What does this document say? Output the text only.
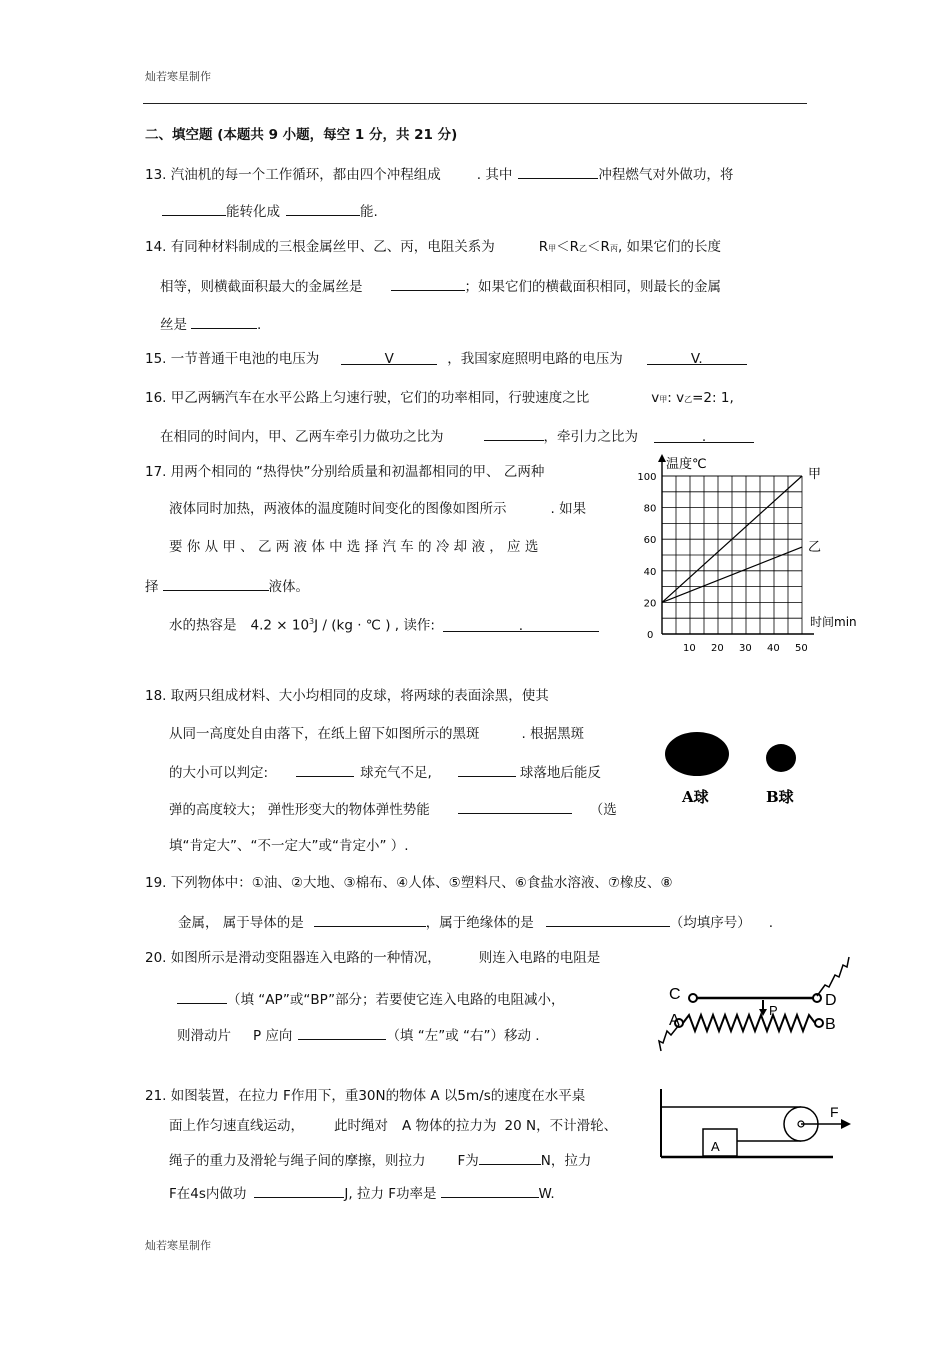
灿若寒星制作
灿若寒星制作
二、填空题 (本题共 9 小题，每空 1 分，共 21 分)
13. 汽油机的每一个工作循环，都由四个冲程组成	. 其中	冲程燃气对外做功，将
能转化成	能.
14. 有同种材料制成的三根金属丝甲、乙、丙，电阻关系为	R甲＜R乙＜R丙, 如果它们的长度
相等，则横截面积最大的金属丝是	；如果它们的横截面积相同，则最长的金属
丝是	.
15. 一节普通干电池的电压为	V	，我国家庭照明电路的电压为	V.
16. 甲乙两辆汽车在水平公路上匀速行驶，它们的功率相同，行驶速度之比	v甲: v乙=2: 1,
在相同的时间内，甲、乙两车牵引力做功之比为	，牵引力之比为	.
17. 用两个相同的 “热得快”分别给质量和初温都相同的甲、 乙两种
液体同时加热，两液体的温度随时间变化的图像如图所示	. 如果
要 你 从 甲 、 乙 两 液 体 中 选 择 汽 车 的 冷 却 液 ， 应 选
择	液体。
水的热容是 $4.2 \times 10^3J / (kg$ · ℃ ) , 读作:	.
0
10 20 30 40 50
20
40
60
80
100
温度℃
时间min
甲
乙
18. 取两只组成材料、大小均相同的皮球，将两球的表面涂黑，使其
从同一高度处自由落下，在纸上留下如图所示的黑斑	. 根据黑斑
的大小可以判定:	球充气不足,	球落地后能反
弹的高度较大； 弹性形变大的物体弹性势能	（选
填“肯定大”、“不一定大”或“肯定小” ）.
A球	B球
19. 下列物体中：①油、②大地、③棉布、④人体、⑤塑料尺、⑥食盐水溶液、⑦橡皮、⑧
金属， 属于导体的是	，属于绝缘体的是	（均填序号） .
20. 如图所示是滑动变阻器连入电路的一种情况，	则连入电路的电阻是
（填 “AP”或“BP”部分；若要使它连入电路的电阻减小，
则滑动片 P 应向	（填 “左”或 “右”）移动 .
C	D
A	B
P
21. 如图装置，在拉力 F作用下，重30N的物体 A 以5m/s的速度在水平桌
面上作匀速直线运动， 此时绳对 A 物体的拉力为 20 N，不计滑轮、
绳子的重力及滑轮与绳子间的摩擦，则拉力 F为	N，拉力
F在4s内做功	J, 拉力 F功率是	W.
A
F
